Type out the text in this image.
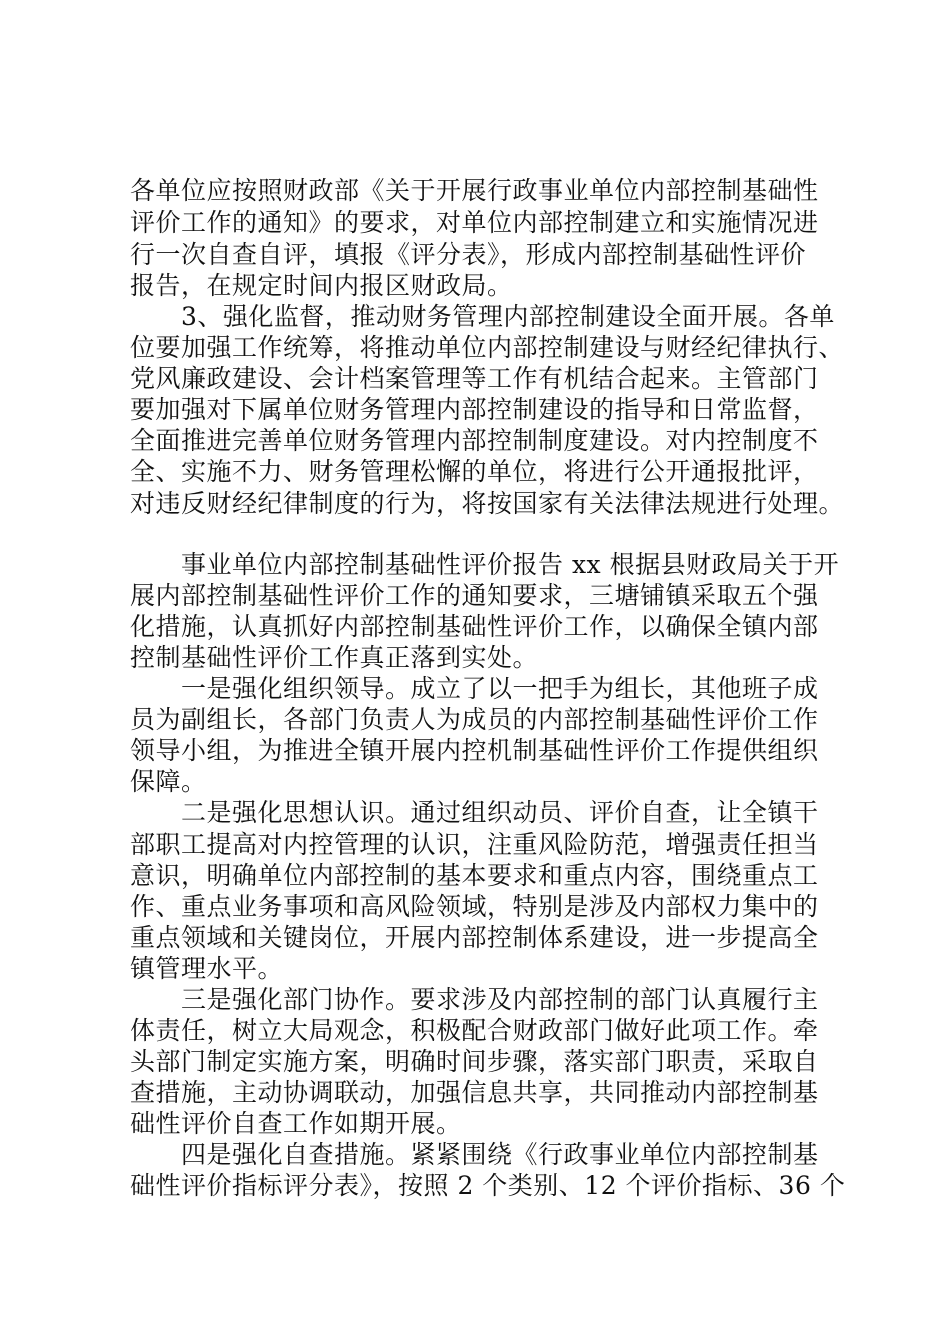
各单位应按照财政部《关于开展行政事业单位内部控制基础性
评价工作的通知》的要求，对单位内部控制建立和实施情况进
行一次自查自评，填报《评分表》，形成内部控制基础性评价
报告，在规定时间内报区财政局。
3、强化监督，推动财务管理内部控制建设全面开展。各单
位要加强工作统筹，将推动单位内部控制建设与财经纪律执行、
党风廉政建设、会计档案管理等工作有机结合起来。主管部门
要加强对下属单位财务管理内部控制建设的指导和日常监督，
全面推进完善单位财务管理内部控制制度建设。对内控制度不
全、实施不力、财务管理松懈的单位，将进行公开通报批评，
对违反财经纪律制度的行为，将按国家有关法律法规进行处理。
事业单位内部控制基础性评价报告 xx 根据县财政局关于开
展内部控制基础性评价工作的通知要求，三塘铺镇采取五个强
化措施，认真抓好内部控制基础性评价工作，以确保全镇内部
控制基础性评价工作真正落到实处。
一是强化组织领导。成立了以一把手为组长，其他班子成
员为副组长，各部门负责人为成员的内部控制基础性评价工作
领导小组，为推进全镇开展内控机制基础性评价工作提供组织
保障。
二是强化思想认识。通过组织动员、评价自查，让全镇干
部职工提高对内控管理的认识，注重风险防范，增强责任担当
意识，明确单位内部控制的基本要求和重点内容，围绕重点工
作、重点业务事项和高风险领域，特别是涉及内部权力集中的
重点领域和关键岗位，开展内部控制体系建设，进一步提高全
镇管理水平。
三是强化部门协作。要求涉及内部控制的部门认真履行主
体责任，树立大局观念，积极配合财政部门做好此项工作。牵
头部门制定实施方案，明确时间步骤，落实部门职责，采取自
查措施，主动协调联动，加强信息共享，共同推动内部控制基
础性评价自查工作如期开展。
四是强化自查措施。紧紧围绕《行政事业单位内部控制基
础性评价指标评分表》，按照 2 个类别、12 个评价指标、36 个
